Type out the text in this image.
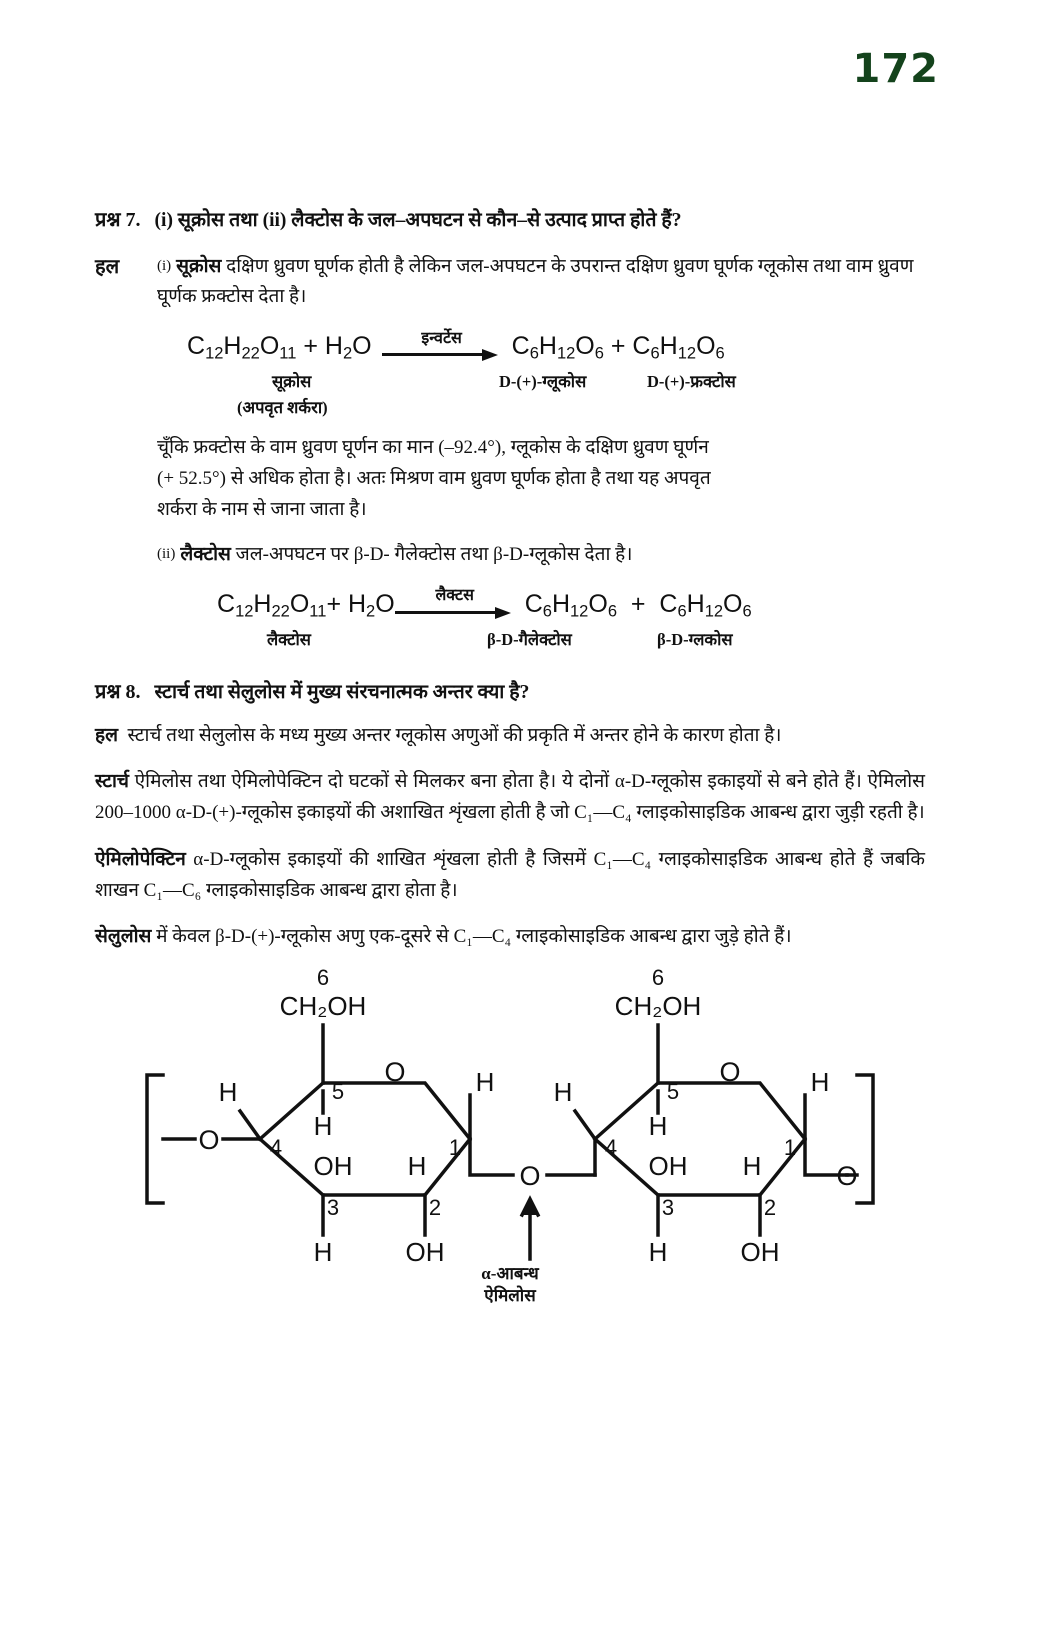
172
प्रश्न 7. (i) सूक्रोस तथा (ii) लैक्टोस के जल–अपघटन से कौन–से उत्पाद प्राप्त होते हैं?
हल	(i) सूक्रोस दक्षिण ध्रुवण घूर्णक होती है लेकिन जल-अपघटन के उपरान्त दक्षिण ध्रुवण घूर्णक ग्लूकोस तथा वाम ध्रुवण घूर्णक फ्रक्टोस देता है।
$C_{12}H_{22}O_{11} + H_2O$	इन्वर्टेस $C_6H_{12}O_6 + C_6H_{12}O_6$
सूक्रोस
(अपवृत शर्करा)
D-(+)-ग्लूकोस	D-(+)-फ्रक्टोस
चूँकि फ्रक्टोस के वाम ध्रुवण घूर्णन का मान (–92.4°), ग्लूकोस के दक्षिण ध्रुवण घूर्णन
(+ 52.5°) से अधिक होता है। अतः मिश्रण वाम ध्रुवण घूर्णक होता है तथा यह अपवृत
शर्करा के नाम से जाना जाता है।
(ii) लैक्टोस जल-अपघटन पर β-D- गैलेक्टोस तथा β-D-ग्लूकोस देता है।
$C_{12}H_{22}O_{11}+ H_2O$	लैक्टस $C_6H_{12}O_6 + C_6H_{12}O_6$
लैक्टोस	β-D-गैलेक्टोस	β-D-ग्लकोस
प्रश्न 8. स्टार्च तथा सेलुलोस में मुख्य संरचनात्मक अन्तर क्या है?
हल स्टार्च तथा सेलुलोस के मध्य मुख्य अन्तर ग्लूकोस अणुओं की प्रकृति में अन्तर होने के कारण होता है।
स्टार्च ऐमिलोस तथा ऐमिलोपेक्टिन दो घटकों से मिलकर बना होता है। ये दोनों α-D-ग्लूकोस इकाइयों से बने होते हैं। ऐमिलोस 200–1000 α-D-(+)-ग्लूकोस इकाइयों की अशाखित शृंखला होती है जो C₁—C₄ ग्लाइकोसाइडिक आबन्ध द्वारा जुड़ी रहती है।
ऐमिलोपेक्टिन α-D-ग्लूकोस इकाइयों की शाखित शृंखला होती है जिसमें C₁—C₄ ग्लाइकोसाइडिक आबन्ध होते हैं जबकि शाखन C₁—C₆ ग्लाइकोसाइडिक आबन्ध द्वारा होता है।
सेलुलोस में केवल β-D-(+)-ग्लूकोस अणु एक-दूसरे से C₁—C₄ ग्लाइकोसाइडिक आबन्ध द्वारा जुड़े होते हैं।
6
CH₂OH
5
O
H
H
4
OH H
1
H
3	2
H	OH
O
6
CH₂OH
5
O
H
H
4
OH H
1
H
3	2
H	OH
O
O
α-आबन्ध
ऐमिलोस
